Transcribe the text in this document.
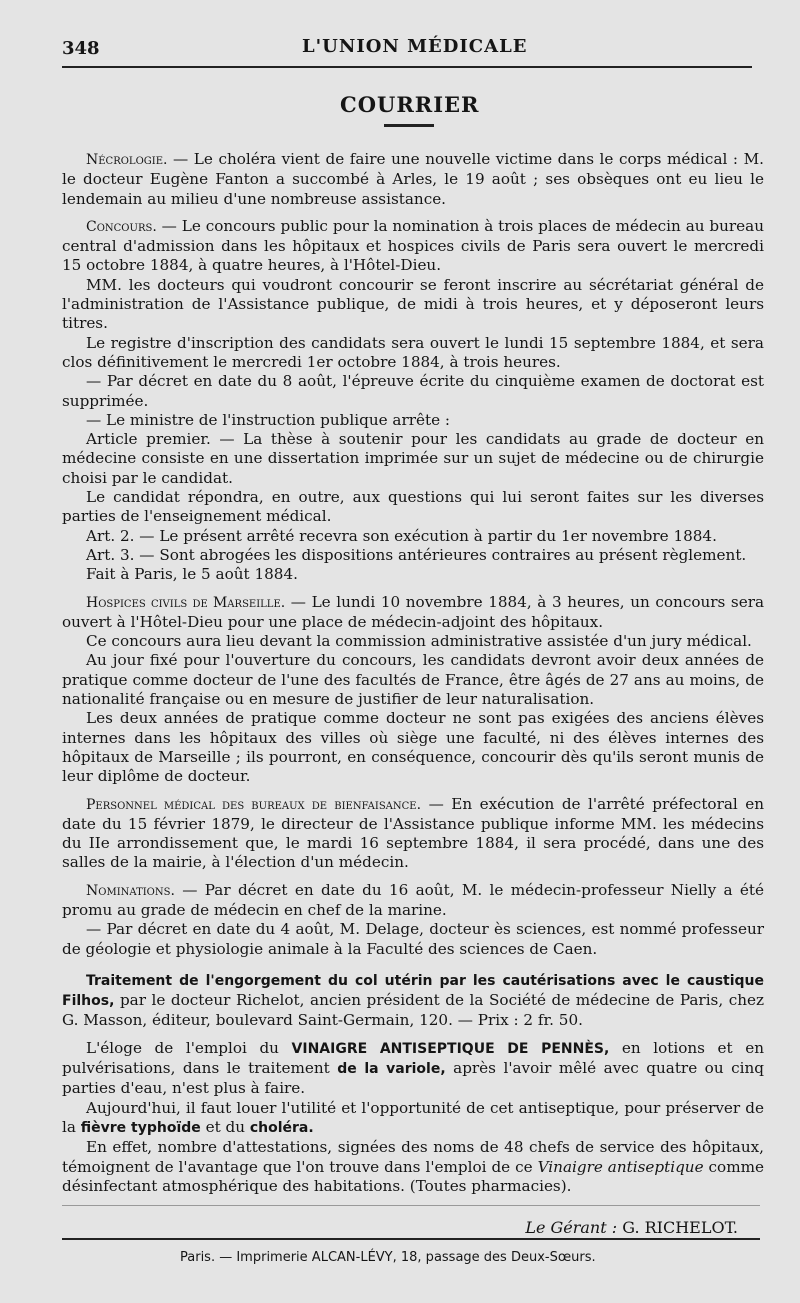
348	L'UNION MÉDICALE
COURRIER

Nécrologie. — Le choléra vient de faire une nouvelle victime dans le corps médical : M. le docteur Eugène Fanton a succombé à Arles, le 19 août ; ses obsèques ont eu lieu le lendemain au milieu d'une nombreuse assistance.

Concours. — Le concours public pour la nomination à trois places de médecin au bureau central d'admission dans les hôpitaux et hospices civils de Paris sera ouvert le mercredi 15 octobre 1884, à quatre heures, à l'Hôtel-Dieu.

MM. les docteurs qui voudront concourir se feront inscrire au sécrétariat général de l'administration de l'Assistance publique, de midi à trois heures, et y déposeront leurs titres.

Le registre d'inscription des candidats sera ouvert le lundi 15 septembre 1884, et sera clos définitivement le mercredi 1er octobre 1884, à trois heures.

— Par décret en date du 8 août, l'épreuve écrite du cinquième examen de doctorat est supprimée.

— Le ministre de l'instruction publique arrête :

Article premier. — La thèse à soutenir pour les candidats au grade de docteur en médecine consiste en une dissertation imprimée sur un sujet de médecine ou de chirurgie choisi par le candidat.

Le candidat répondra, en outre, aux questions qui lui seront faites sur les diverses parties de l'enseignement médical.

Art. 2. — Le présent arrêté recevra son exécution à partir du 1er novembre 1884.

Art. 3. — Sont abrogées les dispositions antérieures contraires au présent règlement.

Fait à Paris, le 5 août 1884.

Hospices civils de Marseille. — Le lundi 10 novembre 1884, à 3 heures, un concours sera ouvert à l'Hôtel-Dieu pour une place de médecin-adjoint des hôpitaux.

Ce concours aura lieu devant la commission administrative assistée d'un jury médical.

Au jour fixé pour l'ouverture du concours, les candidats devront avoir deux années de pratique comme docteur de l'une des facultés de France, être âgés de 27 ans au moins, de nationalité française ou en mesure de justifier de leur naturalisation.

Les deux années de pratique comme docteur ne sont pas exigées des anciens élèves internes dans les hôpitaux des villes où siège une faculté, ni des élèves internes des hôpitaux de Marseille ; ils pourront, en conséquence, concourir dès qu'ils seront munis de leur diplôme de docteur.

Personnel médical des bureaux de bienfaisance. — En exécution de l'arrêté préfectoral en date du 15 février 1879, le directeur de l'Assistance publique informe MM. les médecins du IIe arrondissement que, le mardi 16 septembre 1884, il sera procédé, dans une des salles de la mairie, à l'élection d'un médecin.

Nominations. — Par décret en date du 16 août, M. le médecin-professeur Nielly a été promu au grade de médecin en chef de la marine.

— Par décret en date du 4 août, M. Delage, docteur ès sciences, est nommé professeur de géologie et physiologie animale à la Faculté des sciences de Caen.

Traitement de l'engorgement du col utérin par les cautérisations avec le caustique Filhos, par le docteur Richelot, ancien président de la Société de médecine de Paris, chez G. Masson, éditeur, boulevard Saint-Germain, 120. — Prix : 2 fr. 50.

L'éloge de l'emploi du VINAIGRE ANTISEPTIQUE DE PENNÈS, en lotions et en pulvérisations, dans le traitement de la variole, après l'avoir mêlé avec quatre ou cinq parties d'eau, n'est plus à faire.

Aujourd'hui, il faut louer l'utilité et l'opportunité de cet antiseptique, pour préserver de la fièvre typhoïde et du choléra.

En effet, nombre d'attestations, signées des noms de 48 chefs de service des hôpitaux, témoignent de l'avantage que l'on trouve dans l'emploi de ce Vinaigre antiseptique comme désinfectant atmosphérique des habitations. (Toutes pharmacies).

Le Gérant : G. RICHELOT.
Paris. — Imprimerie ALCAN-LÉVY, 18, passage des Deux-Sœurs.
